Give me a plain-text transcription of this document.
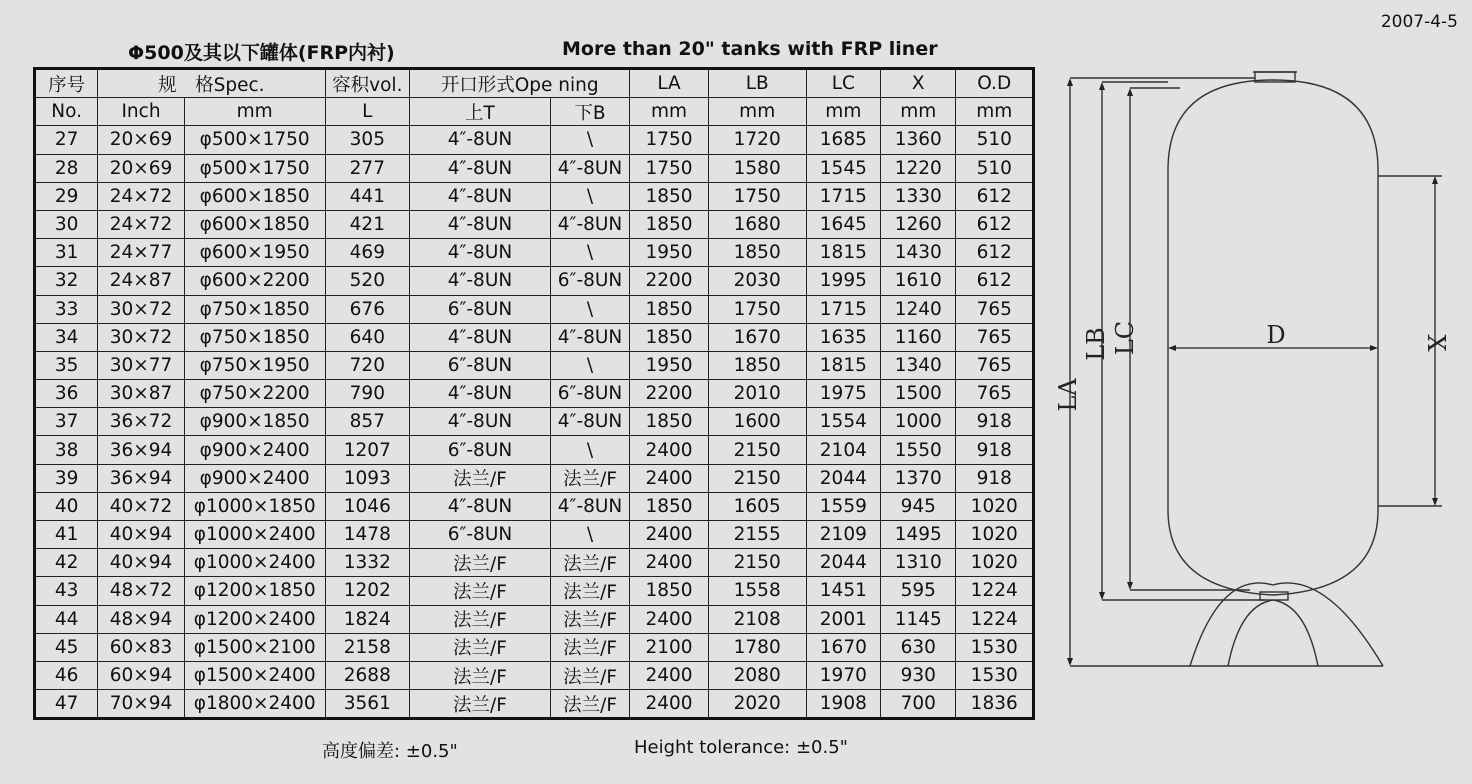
2007-4-5
Φ500及其以下罐体(FRP内衬)	More than 20" tanks with FRP liner
序号	规　格Spec.		容积vol.	开口形式Ope ning		LA	LB	LC	X	O.D
No.	Inch	mm	L	上T	下B	mm	mm	mm	mm	mm
27	20×69	φ500×1750	305	4″-8UN	\	1750	1720	1685	1360	510
28	20×69	φ500×1750	277	4″-8UN	4″-8UN	1750	1580	1545	1220	510
29	24×72	φ600×1850	441	4″-8UN	\	1850	1750	1715	1330	612
30	24×72	φ600×1850	421	4″-8UN	4″-8UN	1850	1680	1645	1260	612
31	24×77	φ600×1950	469	4″-8UN	\	1950	1850	1815	1430	612
32	24×87	φ600×2200	520	4″-8UN	6″-8UN	2200	2030	1995	1610	612
33	30×72	φ750×1850	676	6″-8UN	\	1850	1750	1715	1240	765
34	30×72	φ750×1850	640	4″-8UN	4″-8UN	1850	1670	1635	1160	765
35	30×77	φ750×1950	720	6″-8UN	\	1950	1850	1815	1340	765
36	30×87	φ750×2200	790	4″-8UN	6″-8UN	2200	2010	1975	1500	765
37	36×72	φ900×1850	857	4″-8UN	4″-8UN	1850	1600	1554	1000	918
38	36×94	φ900×2400	1207	6″-8UN	\	2400	2150	2104	1550	918
39	36×94	φ900×2400	1093	法兰/F	法兰/F	2400	2150	2044	1370	918
40	40×72	φ1000×1850	1046	4″-8UN	4″-8UN	1850	1605	1559	945	1020
41	40×94	φ1000×2400	1478	6″-8UN	\	2400	2155	2109	1495	1020
42	40×94	φ1000×2400	1332	法兰/F	法兰/F	2400	2150	2044	1310	1020
43	48×72	φ1200×1850	1202	法兰/F	法兰/F	1850	1558	1451	595	1224
44	48×94	φ1200×2400	1824	法兰/F	法兰/F	2400	2108	2001	1145	1224
45	60×83	φ1500×2100	2158	法兰/F	法兰/F	2100	1780	1670	630	1530
46	60×94	φ1500×2400	2688	法兰/F	法兰/F	2400	2080	1970	930	1530
47	70×94	φ1800×2400	3561	法兰/F	法兰/F	2400	2020	1908	700	1836
高度偏差: ±0.5"	Height tolerance: ±0.5"
LA
LB LC	D	X
